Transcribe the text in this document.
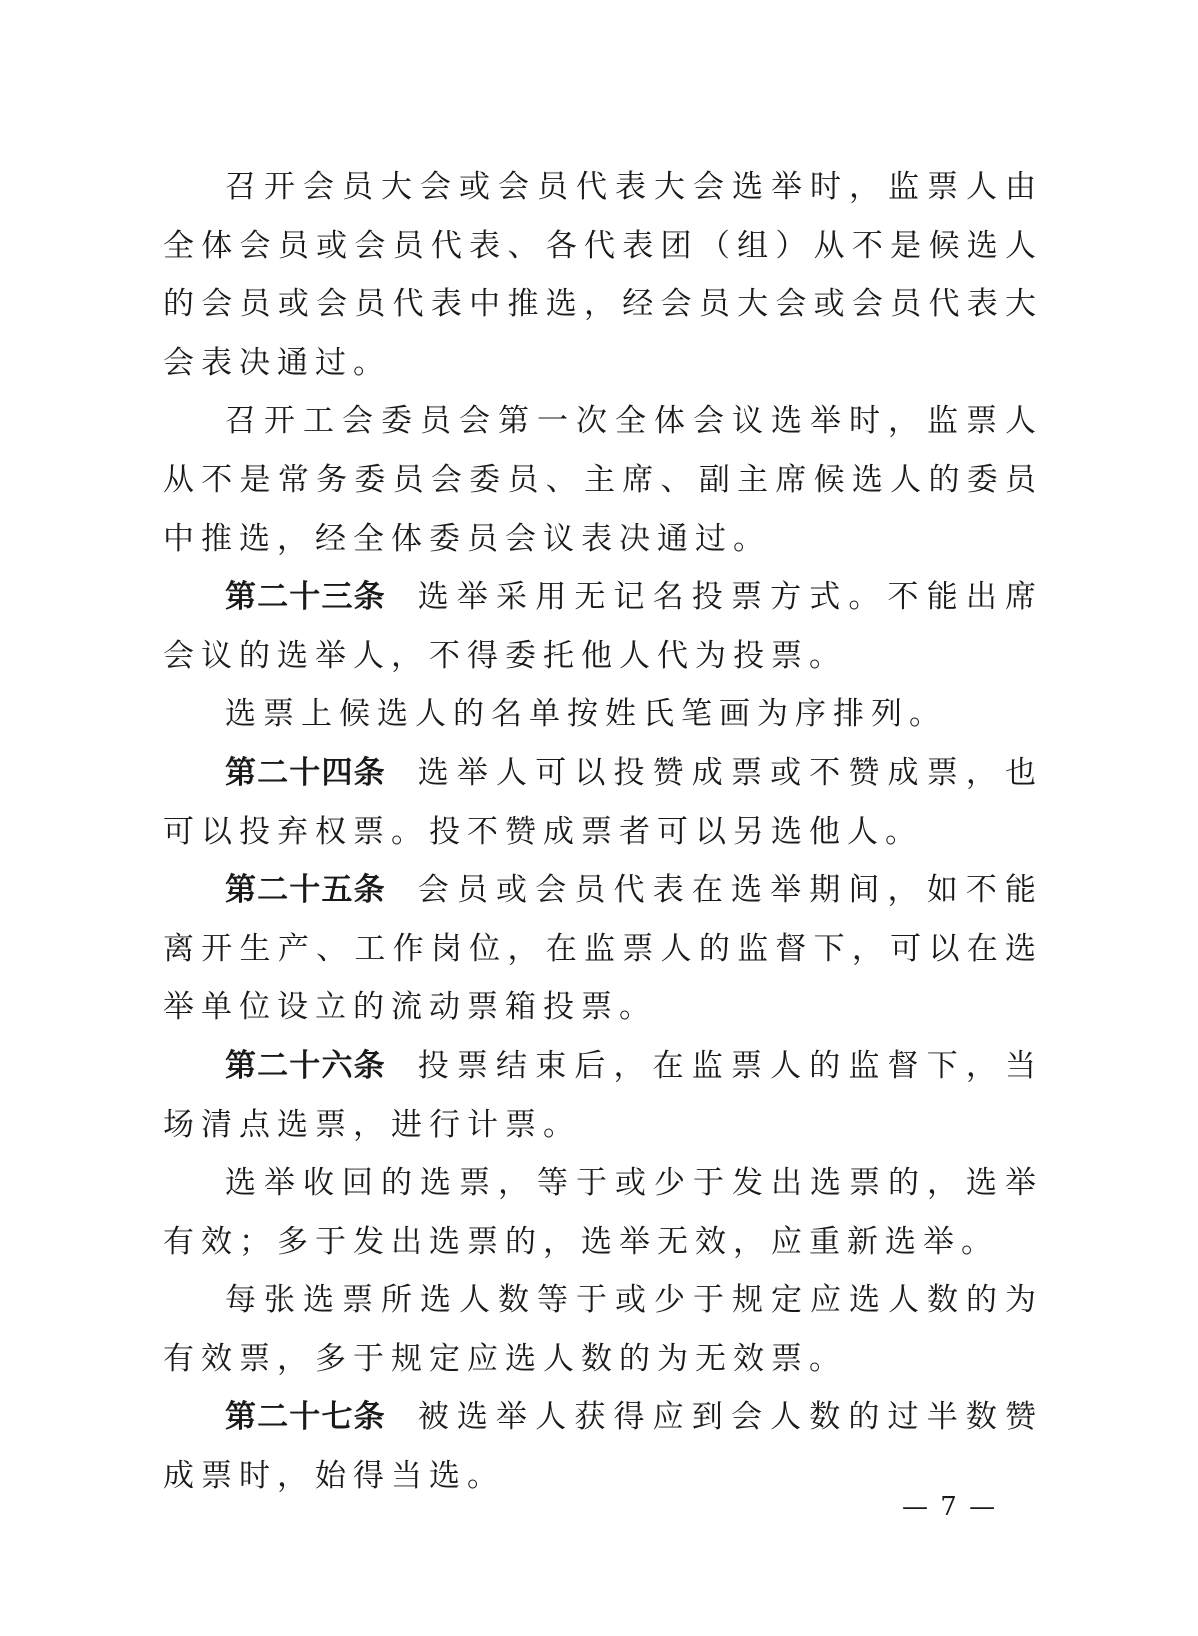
召开会员大会或会员代表大会选举时，监票人由全体会员或会员代表、各代表团（组）从不是候选人的会员或会员代表中推选，经会员大会或会员代表大会表决通过。

召开工会委员会第一次全体会议选举时，监票人从不是常务委员会委员、主席、副主席候选人的委员中推选，经全体委员会议表决通过。

第二十三条 选举采用无记名投票方式。不能出席会议的选举人，不得委托他人代为投票。

选票上候选人的名单按姓氏笔画为序排列。

第二十四条 选举人可以投赞成票或不赞成票，也可以投弃权票。投不赞成票者可以另选他人。

第二十五条 会员或会员代表在选举期间，如不能离开生产、工作岗位，在监票人的监督下，可以在选举单位设立的流动票箱投票。

第二十六条 投票结束后，在监票人的监督下，当场清点选票，进行计票。

选举收回的选票，等于或少于发出选票的，选举有效；多于发出选票的，选举无效，应重新选举。

每张选票所选人数等于或少于规定应选人数的为有效票，多于规定应选人数的为无效票。

第二十七条 被选举人获得应到会人数的过半数赞成票时，始得当选。

— 7 —
